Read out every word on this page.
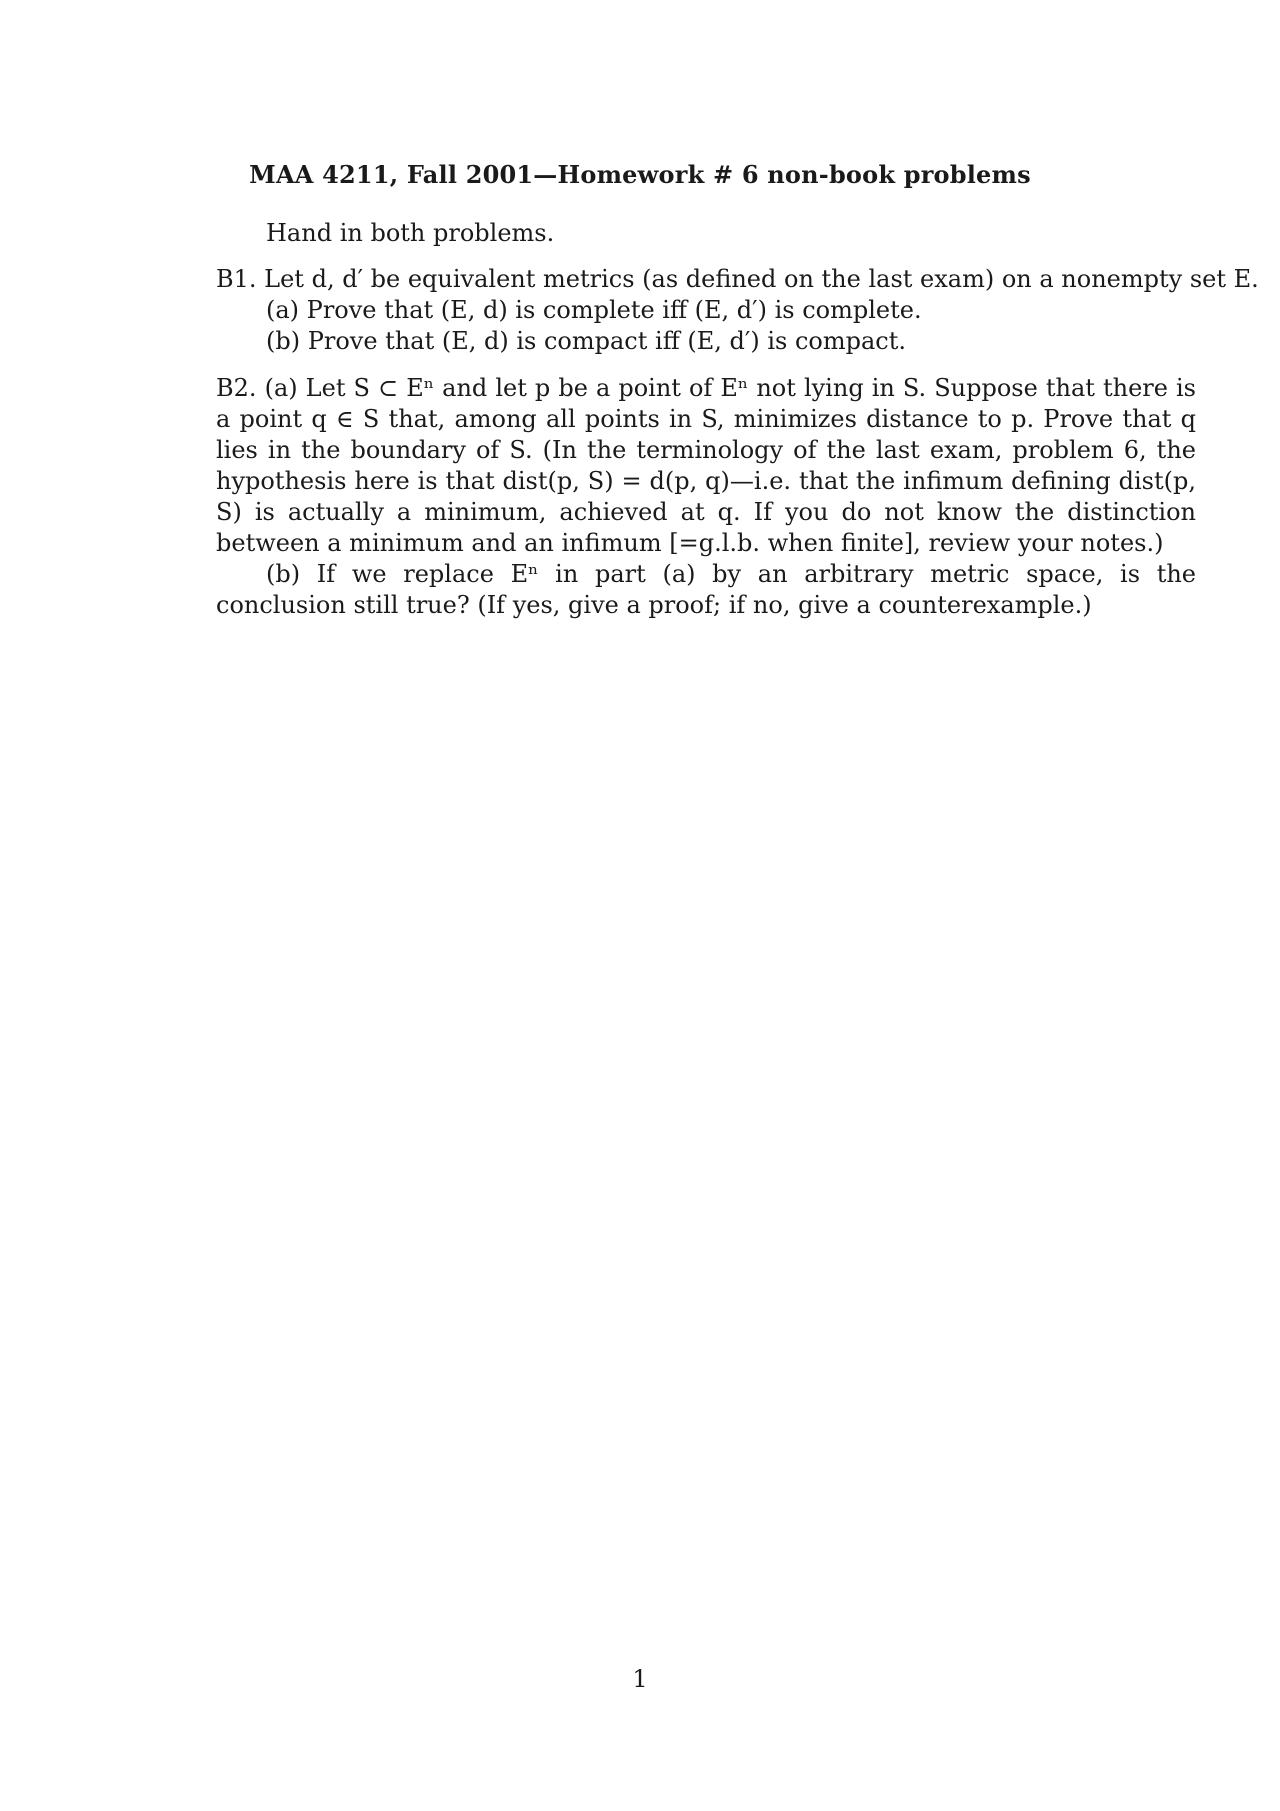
MAA 4211, Fall 2001—Homework # 6 non-book problems
Hand in both problems.
B1. Let d, d′ be equivalent metrics (as defined on the last exam) on a nonempty set E.
(a) Prove that (E, d) is complete iff (E, d′) is complete.
(b) Prove that (E, d) is compact iff (E, d′) is compact.

B2. (a) Let S ⊂ Eⁿ and let p be a point of Eⁿ not lying in S. Suppose that there is a point q ∈ S that, among all points in S, minimizes distance to p. Prove that q lies in the boundary of S. (In the terminology of the last exam, problem 6, the hypothesis here is that dist(p, S) = d(p, q)—i.e. that the infimum defining dist(p, S) is actually a minimum, achieved at q. If you do not know the distinction between a minimum and an infimum [=g.l.b. when finite], review your notes.)

(b) If we replace Eⁿ in part (a) by an arbitrary metric space, is the conclusion still true? (If yes, give a proof; if no, give a counterexample.)

1
